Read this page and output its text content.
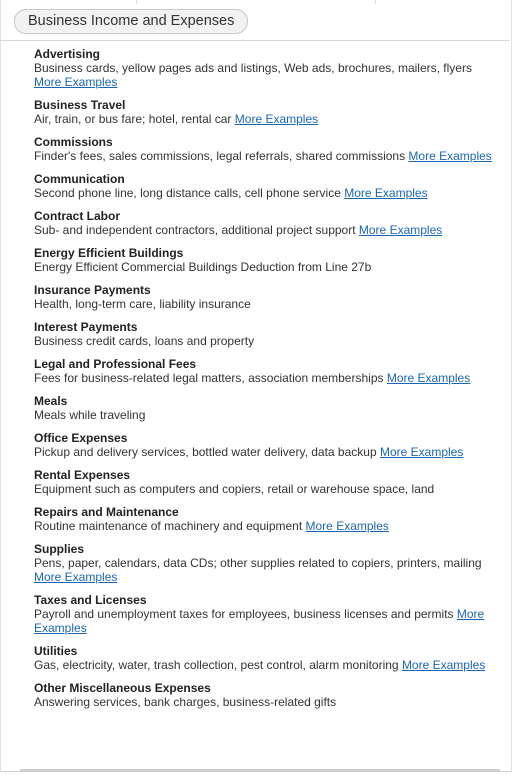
Business Income and Expenses
Advertising
Business cards, yellow pages ads and listings, Web ads, brochures, mailers, flyers More Examples
Business Travel
Air, train, or bus fare; hotel, rental car More Examples
Commissions
Finder's fees, sales commissions, legal referrals, shared commissions More Examples
Communication
Second phone line, long distance calls, cell phone service More Examples
Contract Labor
Sub- and independent contractors, additional project support More Examples
Energy Efficient Buildings
Energy Efficient Commercial Buildings Deduction from Line 27b
Insurance Payments
Health, long-term care, liability insurance
Interest Payments
Business credit cards, loans and property
Legal and Professional Fees
Fees for business-related legal matters, association memberships More Examples
Meals
Meals while traveling
Office Expenses
Pickup and delivery services, bottled water delivery, data backup More Examples
Rental Expenses
Equipment such as computers and copiers, retail or warehouse space, land
Repairs and Maintenance
Routine maintenance of machinery and equipment More Examples
Supplies
Pens, paper, calendars, data CDs; other supplies related to copiers, printers, mailing More Examples
Taxes and Licenses
Payroll and unemployment taxes for employees, business licenses and permits More Examples
Utilities
Gas, electricity, water, trash collection, pest control, alarm monitoring More Examples
Other Miscellaneous Expenses
Answering services, bank charges, business-related gifts
